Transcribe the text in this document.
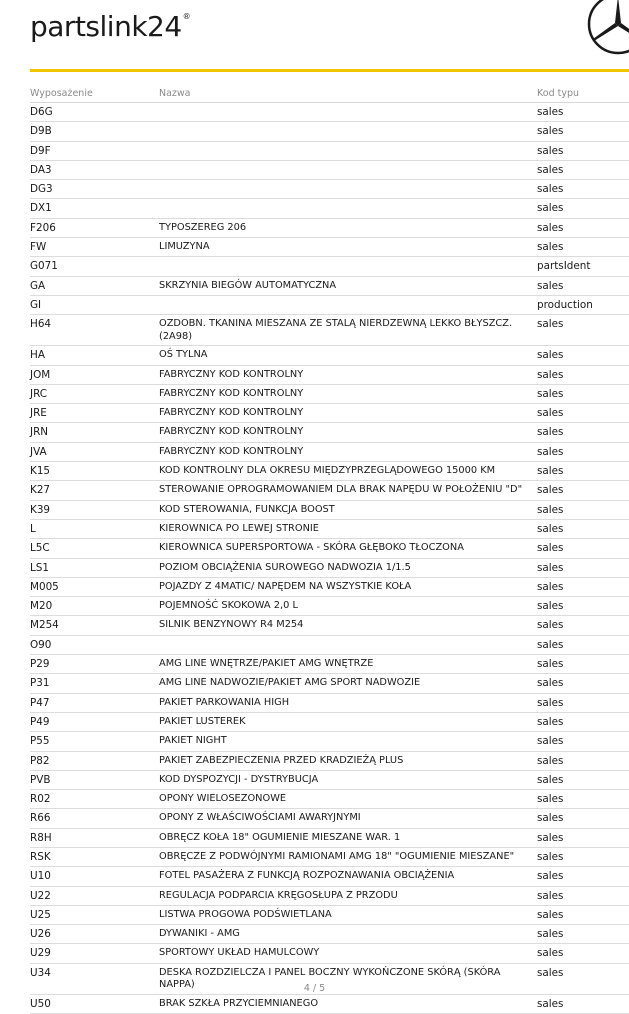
partslink24®
Wyposażenie	Nazwa	Kod typu
D6G		sales
D9B		sales
D9F		sales
DA3		sales
DG3		sales
DX1		sales
F206	TYPOSZEREG 206	sales
FW	LIMUZYNA	sales
G071		partsIdent
GA	SKRZYNIA BIEGÓW AUTOMATYCZNA	sales
GI		production
H64	OZDOBN. TKANINA MIESZANA ZE STALĄ NIERDZEWNĄ LEKKO BŁYSZCZ. (2A98)	sales
HA	OŚ TYLNA	sales
JOM	FABRYCZNY KOD KONTROLNY	sales
JRC	FABRYCZNY KOD KONTROLNY	sales
JRE	FABRYCZNY KOD KONTROLNY	sales
JRN	FABRYCZNY KOD KONTROLNY	sales
JVA	FABRYCZNY KOD KONTROLNY	sales
K15	KOD KONTROLNY DLA OKRESU MIĘDZYPRZEGLĄDOWEGO 15000 KM	sales
K27	STEROWANIE OPROGRAMOWANIEM DLA BRAK NAPĘDU W POŁOŻENIU "D"	sales
K39	KOD STEROWANIA, FUNKCJA BOOST	sales
L	KIEROWNICA PO LEWEJ STRONIE	sales
L5C	KIEROWNICA SUPERSPORTOWA - SKÓRA GŁĘBOKO TŁOCZONA	sales
LS1	POZIOM OBCIĄŻENIA SUROWEGO NADWOZIA 1/1.5	sales
M005	POJAZDY Z 4MATIC/ NAPĘDEM NA WSZYSTKIE KOŁA	sales
M20	POJEMNOŚĆ SKOKOWA 2,0 L	sales
M254	SILNIK BENZYNOWY R4 M254	sales
O90		sales
P29	AMG LINE WNĘTRZE/PAKIET AMG WNĘTRZE	sales
P31	AMG LINE NADWOZIE/PAKIET AMG SPORT NADWOZIE	sales
P47	PAKIET PARKOWANIA HIGH	sales
P49	PAKIET LUSTEREK	sales
P55	PAKIET NIGHT	sales
P82	PAKIET ZABEZPIECZENIA PRZED KRADZIEŻĄ PLUS	sales
PVB	KOD DYSPOZYCJI - DYSTRYBUCJA	sales
R02	OPONY WIELOSEZONOWE	sales
R66	OPONY Z WŁAŚCIWOŚCIAMI AWARYJNYMI	sales
R8H	OBRĘCZ KOŁA 18" OGUMIENIE MIESZANE WAR. 1	sales
RSK	OBRĘCZE Z PODWÓJNYMI RAMIONAMI AMG 18" "OGUMIENIE MIESZANE"	sales
U10	FOTEL PASAŻERA Z FUNKCJĄ ROZPOZNAWANIA OBCIĄŻENIA	sales
U22	REGULACJA PODPARCIA KRĘGOSŁUPA Z PRZODU	sales
U25	LISTWA PROGOWA PODŚWIETLANA	sales
U26	DYWANIKI - AMG	sales
U29	SPORTOWY UKŁAD HAMULCOWY	sales
U34	DESKA ROZDZIELCZA I PANEL BOCZNY WYKOŃCZONE SKÓRĄ (SKÓRA NAPPA)	sales
U50	BRAK SZKŁA PRZYCIEMNIANEGO	sales
4 / 5
